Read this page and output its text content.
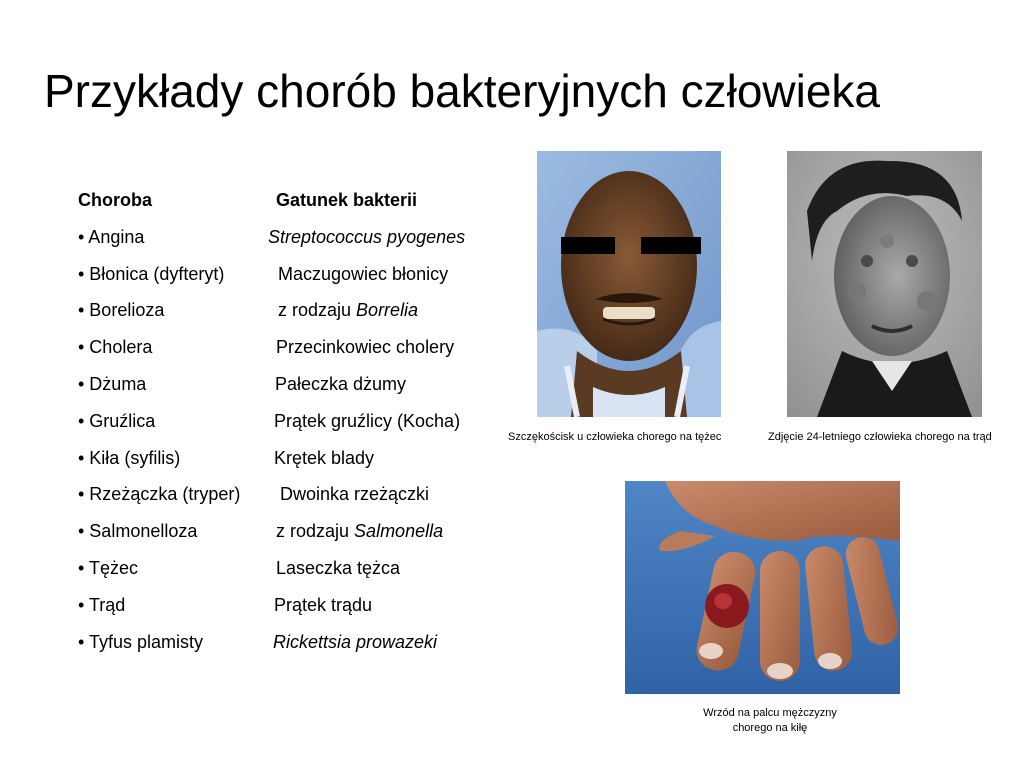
Przykłady chorób bakteryjnych człowieka
Choroba	Gatunek bakterii
• Angina	Streptococcus pyogenes
• Błonica (dyfteryt)	Maczugowiec błonicy
• Borelioza	z rodzaju Borrelia
• Cholera	Przecinkowiec cholery
• Dżuma	Pałeczka dżumy
• Gruźlica	Prątek gruźlicy (Kocha)
• Kiła (syfilis)	Krętek blady
• Rzeżączka (tryper) Dwoinka rzeżączki
• Salmonelloza	z rodzaju Salmonella
• Tężec	Laseczka tężca
• Trąd	Prątek trądu
• Tyfus plamisty	Rickettsia prowazeki
Szczękościsk u człowieka chorego na tężec	Zdjęcie 24-letniego człowieka chorego na trąd
Wrzód na palcu mężczyzny
chorego na kiłę
